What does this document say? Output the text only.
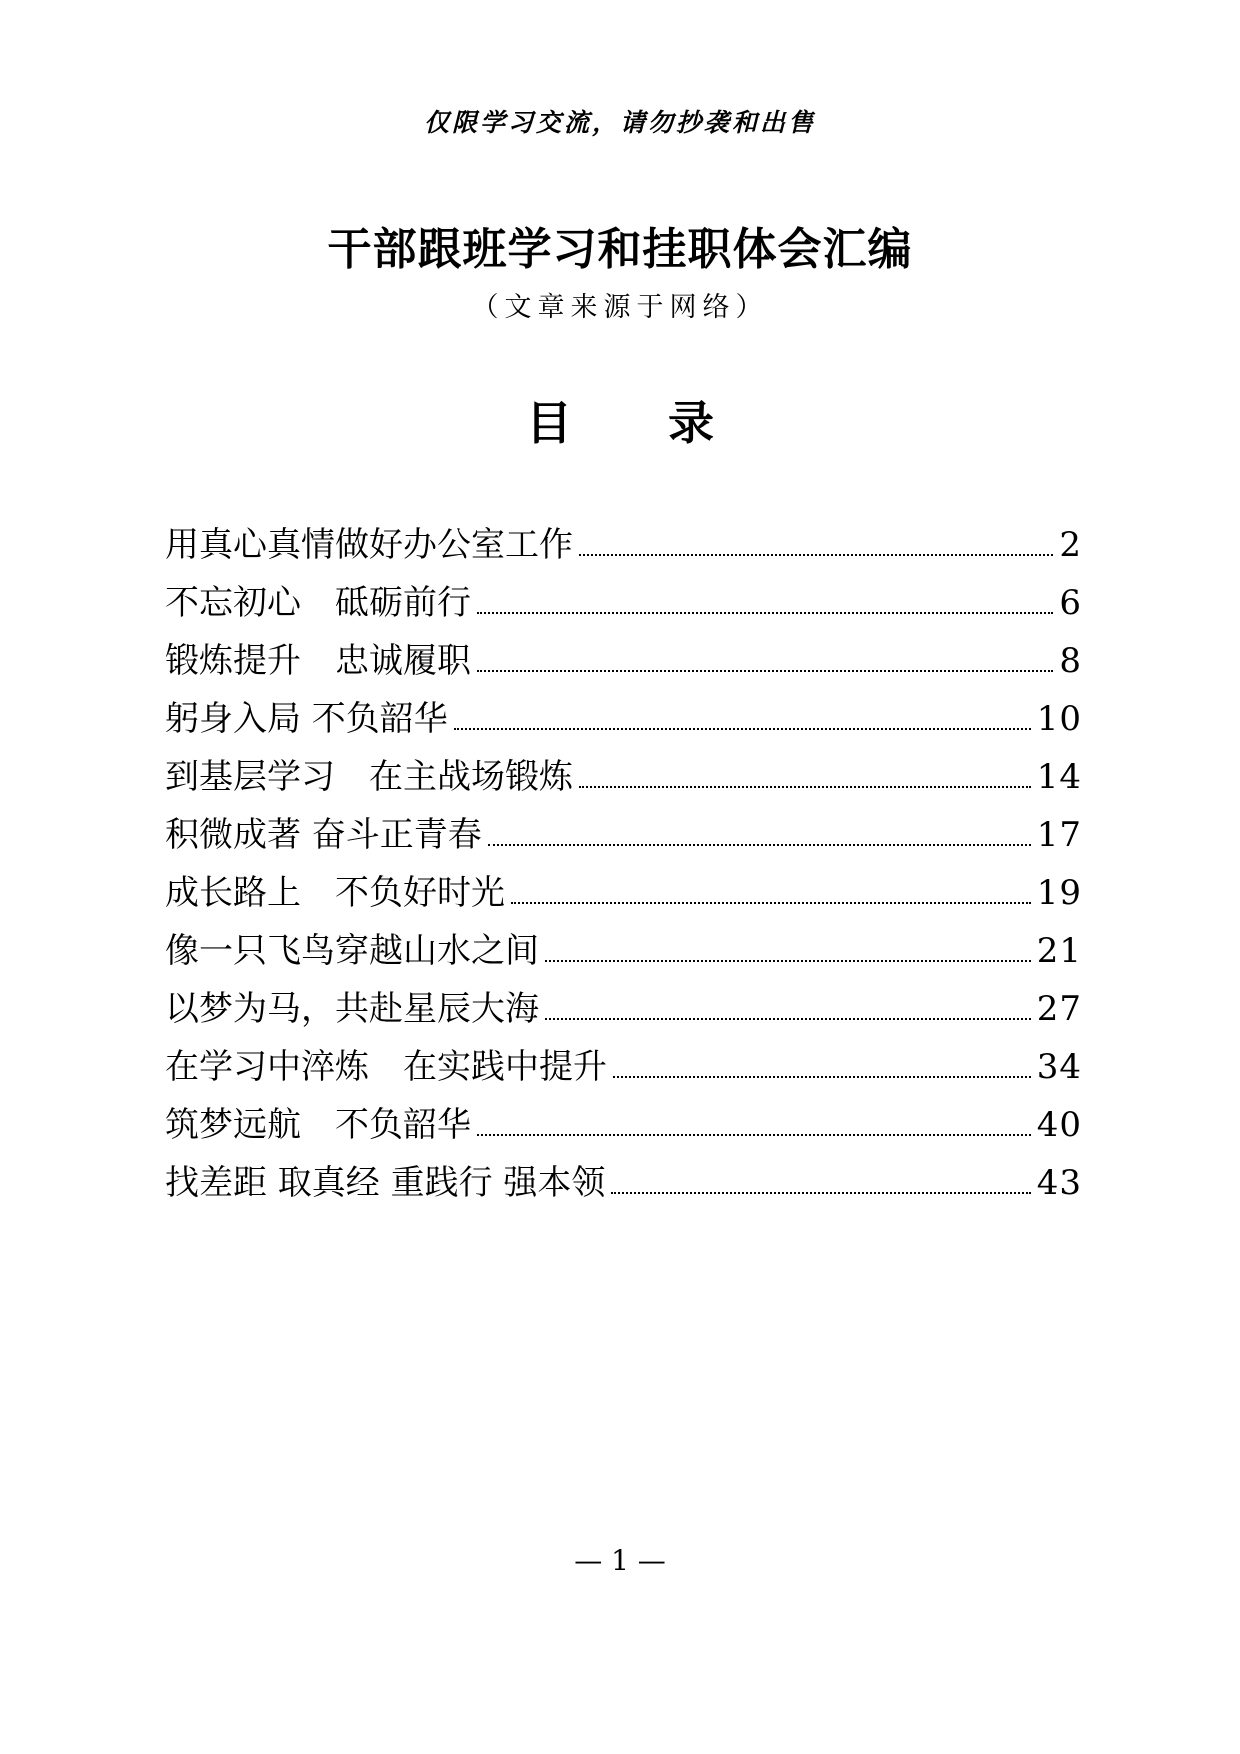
仅限学习交流，请勿抄袭和出售
干部跟班学习和挂职体会汇编
（文章来源于网络）
目 录
用真心真情做好办公室工作	2
不忘初心　砥砺前行	6
锻炼提升　忠诚履职	8
躬身入局 不负韶华	10
到基层学习　在主战场锻炼	14
积微成著 奋斗正青春	17
成长路上　不负好时光	19
像一只飞鸟穿越山水之间	21
以梦为马，共赴星辰大海	27
在学习中淬炼　在实践中提升	34
筑梦远航　不负韶华	40
找差距 取真经 重践行 强本领	43
— 1 —
